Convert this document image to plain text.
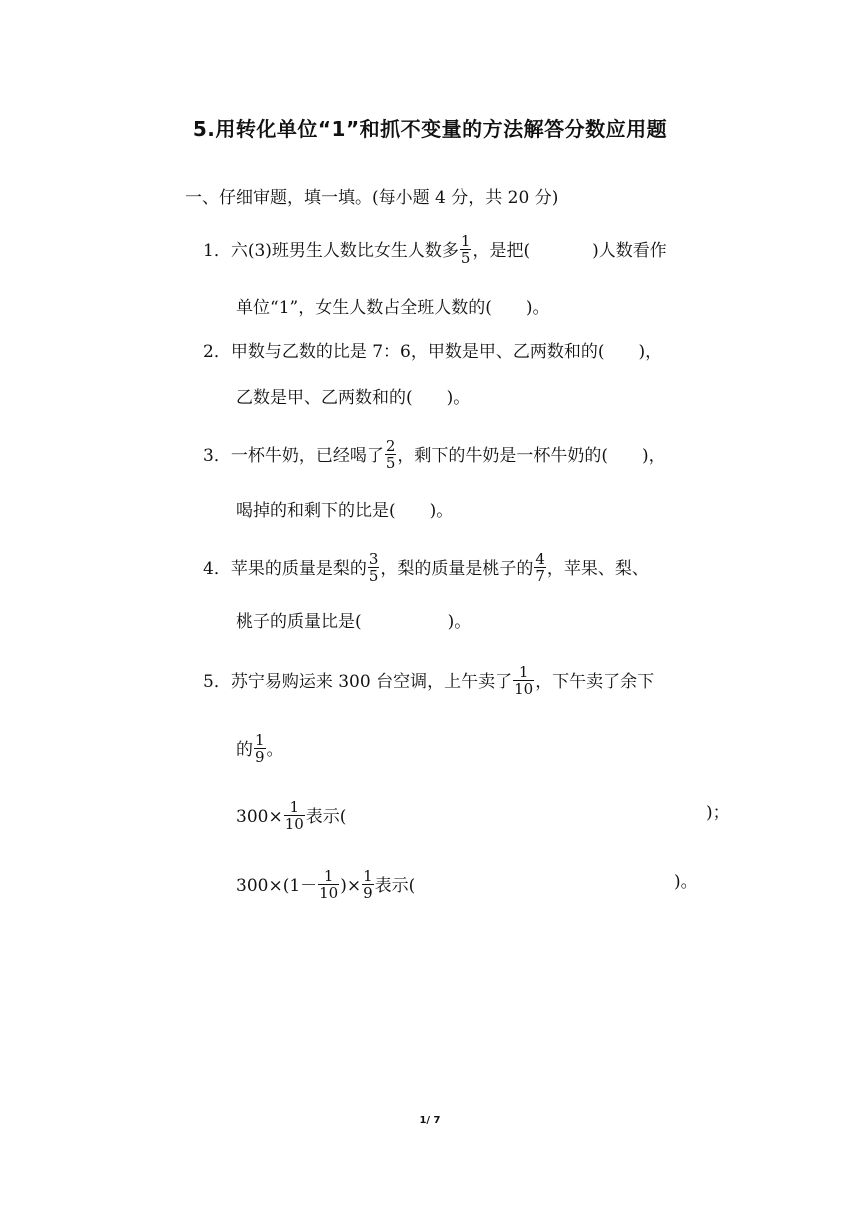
5.用转化单位“1”和抓不变量的方法解答分数应用题
一、仔细审题，填一填。(每小题 4 分，共 20 分)
1．六(3)班男生人数比女生人数多 $\frac{1}{5}$ ，是把(	)人数看作
单位“1”，女生人数占全班人数的(　　)。
2．甲数与乙数的比是 7：6，甲数是甲、乙两数和的(　　)，
乙数是甲、乙两数和的(　　)。
3．一杯牛奶，已经喝了 $\frac{2}{5}$ ，剩下的牛奶是一杯牛奶的(　　)，
喝掉的和剩下的比是(　　)。
4．苹果的质量是梨的 $\frac{3}{5}$ ，梨的质量是桃子的 $\frac{4}{7}$ ，苹果、梨、
桃子的质量比是(	)。
5．苏宁易购运来 300 台空调，上午卖了 $\frac{1}{10}$ ，下午卖了余下
的 $\frac{1}{9}$ 。
$300\times \frac{1}{10}$ 表示(	)；
$300\times(1- \frac{1}{10}$ )× $\frac{1}{9}$ 表示(	)。
1/ 7
